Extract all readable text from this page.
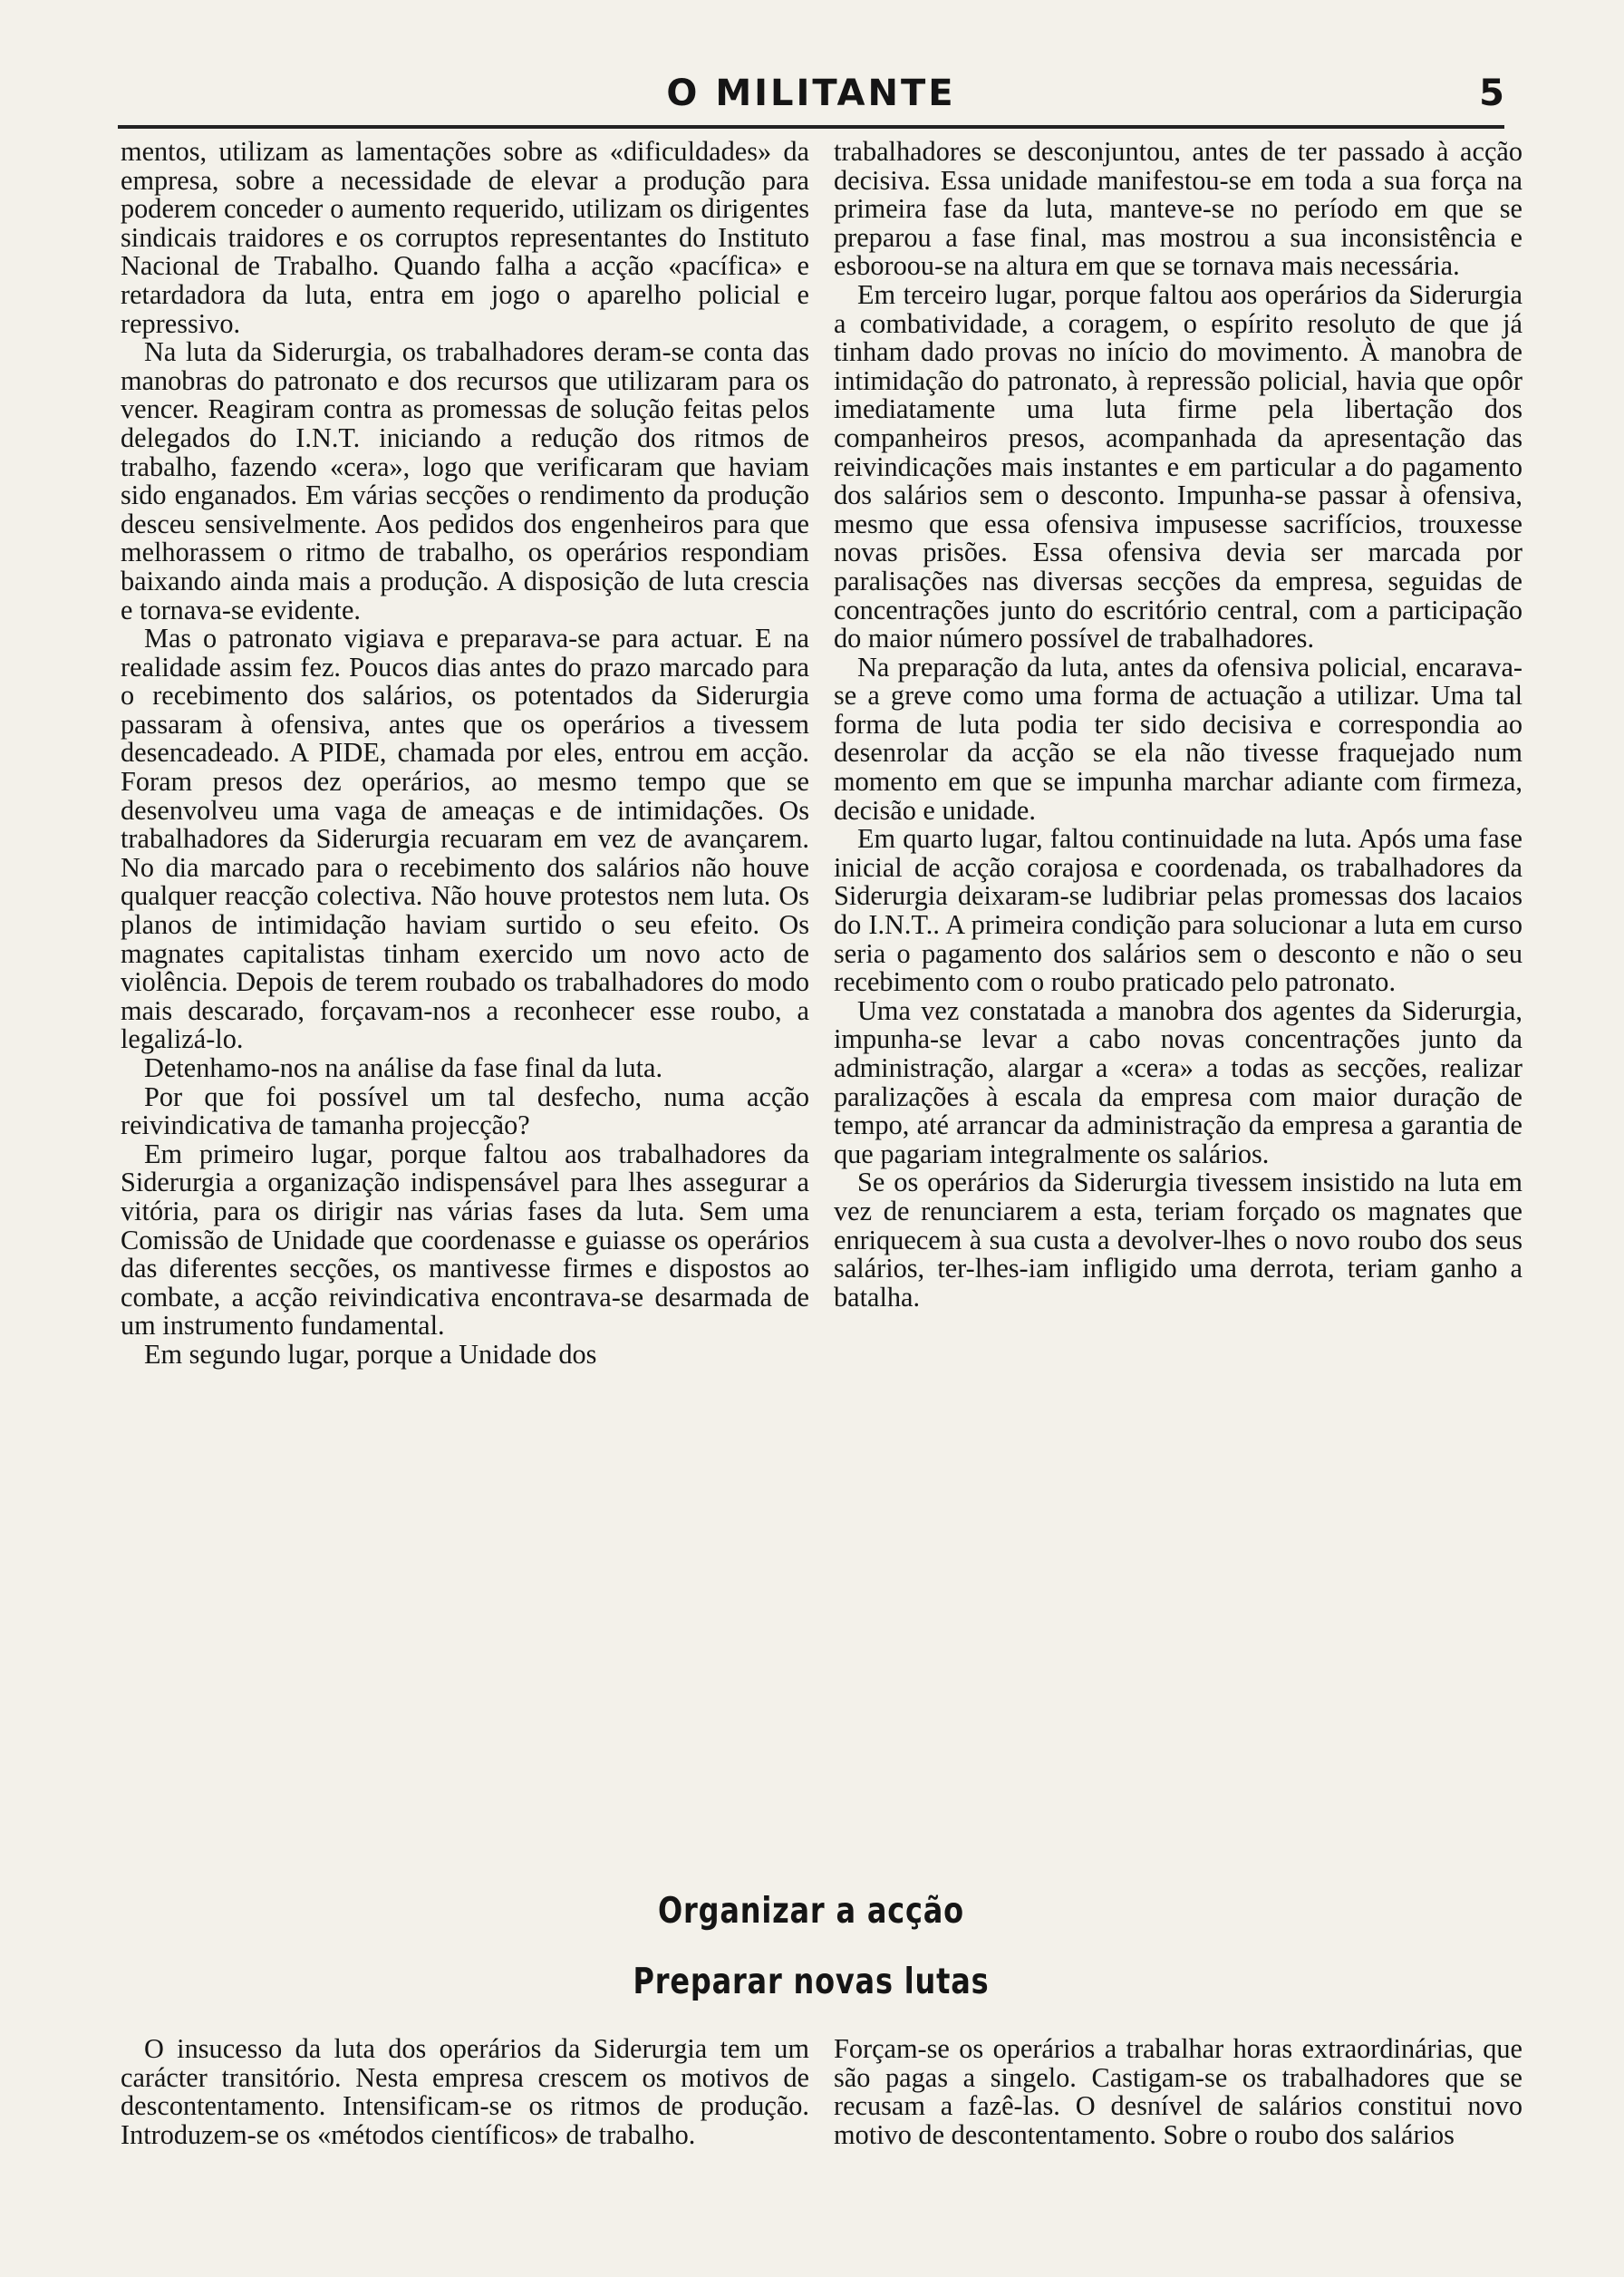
O MILITANTE	5

mentos, utilizam as lamentações sobre as «dificuldades» da empresa, sobre a necessidade de elevar a produção para poderem conceder o aumento requerido, utilizam os dirigentes sindicais traidores e os corruptos representantes do Instituto Nacional de Trabalho. Quando falha a acção «pacífica» e retardadora da luta, entra em jogo o aparelho policial e repressivo.

Na luta da Siderurgia, os trabalhadores deram-se conta das manobras do patronato e dos recursos que utilizaram para os vencer. Reagiram contra as promessas de solução feitas pelos delegados do I.N.T. iniciando a redução dos ritmos de trabalho, fazendo «cera», logo que verificaram que haviam sido enganados. Em várias secções o rendimento da produção desceu sensivelmente. Aos pedidos dos engenheiros para que melhorassem o ritmo de trabalho, os operários respondiam baixando ainda mais a produção. A disposição de luta crescia e tornava-se evidente.

Mas o patronato vigiava e preparava-se para actuar. E na realidade assim fez. Poucos dias antes do prazo marcado para o recebimento dos salários, os potentados da Siderurgia passaram à ofensiva, antes que os operários a tivessem desencadeado. A PIDE, chamada por eles, entrou em acção. Foram presos dez operários, ao mesmo tempo que se desenvolveu uma vaga de ameaças e de intimidações. Os trabalhadores da Siderurgia recuaram em vez de avançarem. No dia marcado para o recebimento dos salários não houve qualquer reacção colectiva. Não houve protestos nem luta. Os planos de intimidação haviam surtido o seu efeito. Os magnates capitalistas tinham exercido um novo acto de violência. Depois de terem roubado os trabalhadores do modo mais descarado, forçavam-nos a reconhecer esse roubo, a legalizá-lo.

Detenhamo-nos na análise da fase final da luta.

Por que foi possível um tal desfecho, numa acção reivindicativa de tamanha projecção?

Em primeiro lugar, porque faltou aos trabalhadores da Siderurgia a organização indispensável para lhes assegurar a vitória, para os dirigir nas várias fases da luta. Sem uma Comissão de Unidade que coordenasse e guiasse os operários das diferentes secções, os mantivesse firmes e dispostos ao combate, a acção reivindicativa encontrava-se desarmada de um instrumento fundamental.

Em segundo lugar, porque a Unidade dos

trabalhadores se desconjuntou, antes de ter passado à acção decisiva. Essa unidade manifestou-se em toda a sua força na primeira fase da luta, manteve-se no período em que se preparou a fase final, mas mostrou a sua inconsistência e esboroou-se na altura em que se tornava mais necessária.

Em terceiro lugar, porque faltou aos operários da Siderurgia a combatividade, a coragem, o espírito resoluto de que já tinham dado provas no início do movimento. À manobra de intimidação do patronato, à repressão policial, havia que opôr imediatamente uma luta firme pela libertação dos companheiros presos, acompanhada da apresentação das reivindicações mais instantes e em particular a do pagamento dos salários sem o desconto. Impunha-se passar à ofensiva, mesmo que essa ofensiva impusesse sacrifícios, trouxesse novas prisões. Essa ofensiva devia ser marcada por paralisações nas diversas secções da empresa, seguidas de concentrações junto do escritório central, com a participação do maior número possível de trabalhadores.

Na preparação da luta, antes da ofensiva policial, encarava-se a greve como uma forma de actuação a utilizar. Uma tal forma de luta podia ter sido decisiva e correspondia ao desenrolar da acção se ela não tivesse fraquejado num momento em que se impunha marchar adiante com firmeza, decisão e unidade.

Em quarto lugar, faltou continuidade na luta. Após uma fase inicial de acção corajosa e coordenada, os trabalhadores da Siderurgia deixaram-se ludibriar pelas promessas dos lacaios do I.N.T.. A primeira condição para solucionar a luta em curso seria o pagamento dos salários sem o desconto e não o seu recebimento com o roubo praticado pelo patronato.

Uma vez constatada a manobra dos agentes da Siderurgia, impunha-se levar a cabo novas concentrações junto da administração, alargar a «cera» a todas as secções, realizar paralizações à escala da empresa com maior duração de tempo, até arrancar da administração da empresa a garantia de que pagariam integralmente os salários.

Se os operários da Siderurgia tivessem insistido na luta em vez de renunciarem a esta, teriam forçado os magnates que enriquecem à sua custa a devolver-lhes o novo roubo dos seus salários, ter-lhes-iam infligido uma derrota, teriam ganho a batalha.

Organizar a acção
Preparar novas lutas

O insucesso da luta dos operários da Siderurgia tem um carácter transitório. Nesta empresa crescem os motivos de descontentamento. Intensificam-se os ritmos de produção. Introduzem-se os «métodos científicos» de trabalho.

Forçam-se os operários a trabalhar horas extraordinárias, que são pagas a singelo. Castigam-se os trabalhadores que se recusam a fazê-las. O desnível de salários constitui novo motivo de descontentamento. Sobre o roubo dos salários
